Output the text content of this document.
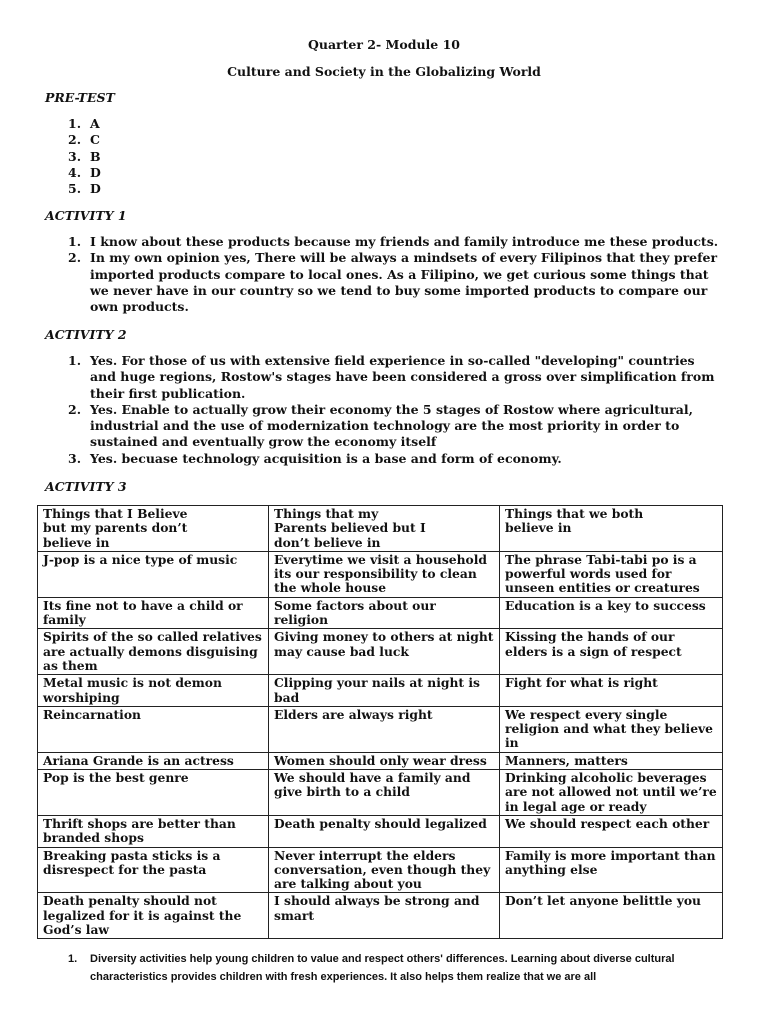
Quarter 2- Module 10
Culture and Society in the Globalizing World
PRE-TEST
1. A
2. C
3. B
4. D
5. D
ACTIVITY 1
1. I know about these products because my friends and family introduce me these products.
2. In my own opinion yes, There will be always a mindsets of every Filipinos that they prefer imported products compare to local ones. As a Filipino, we get curious some things that we never have in our country so we tend to buy some imported products to compare our own products.
ACTIVITY 2
1. Yes. For those of us with extensive field experience in so-called "developing" countries and huge regions, Rostow's stages have been considered a gross over simplification from their first publication.
2. Yes. Enable to actually grow their economy the 5 stages of Rostow where agricultural, industrial and the use of modernization technology are the most priority in order to sustained and eventually grow the economy itself
3. Yes. becuase technology acquisition is a base and form of economy.
ACTIVITY 3
Things that I Believe
but my parents don’t
believe in	Things that my
Parents believed but I
don’t believe in	Things that we both
believe in
J-pop is a nice type of music	Everytime we visit a household its our responsibility to clean the whole house	The phrase Tabi-tabi po is a powerful words used for unseen entities or creatures
Its fine not to have a child or family	Some factors about our religion	Education is a key to success
Spirits of the so called relatives are actually demons disguising as them	Giving money to others at night may cause bad luck	Kissing the hands of our elders is a sign of respect
Metal music is not demon worshiping	Clipping your nails at night is bad	Fight for what is right
Reincarnation	Elders are always right	We respect every single religion and what they believe in
Ariana Grande is an actress	Women should only wear dress	Manners, matters
Pop is the best genre	We should have a family and give birth to a child	Drinking alcoholic beverages are not allowed not until we’re in legal age or ready
Thrift shops are better than branded shops	Death penalty should legalized	We should respect each other
Breaking pasta sticks is a disrespect for the pasta	Never interrupt the elders conversation, even though they are talking about you	Family is more important than anything else
Death penalty should not legalized for it is against the God’s law	I should always be strong and smart	Don’t let anyone belittle you
1. Diversity activities help young children to value and respect others' differences. Learning about diverse cultural characteristics provides children with fresh experiences. It also helps them realize that we are all
